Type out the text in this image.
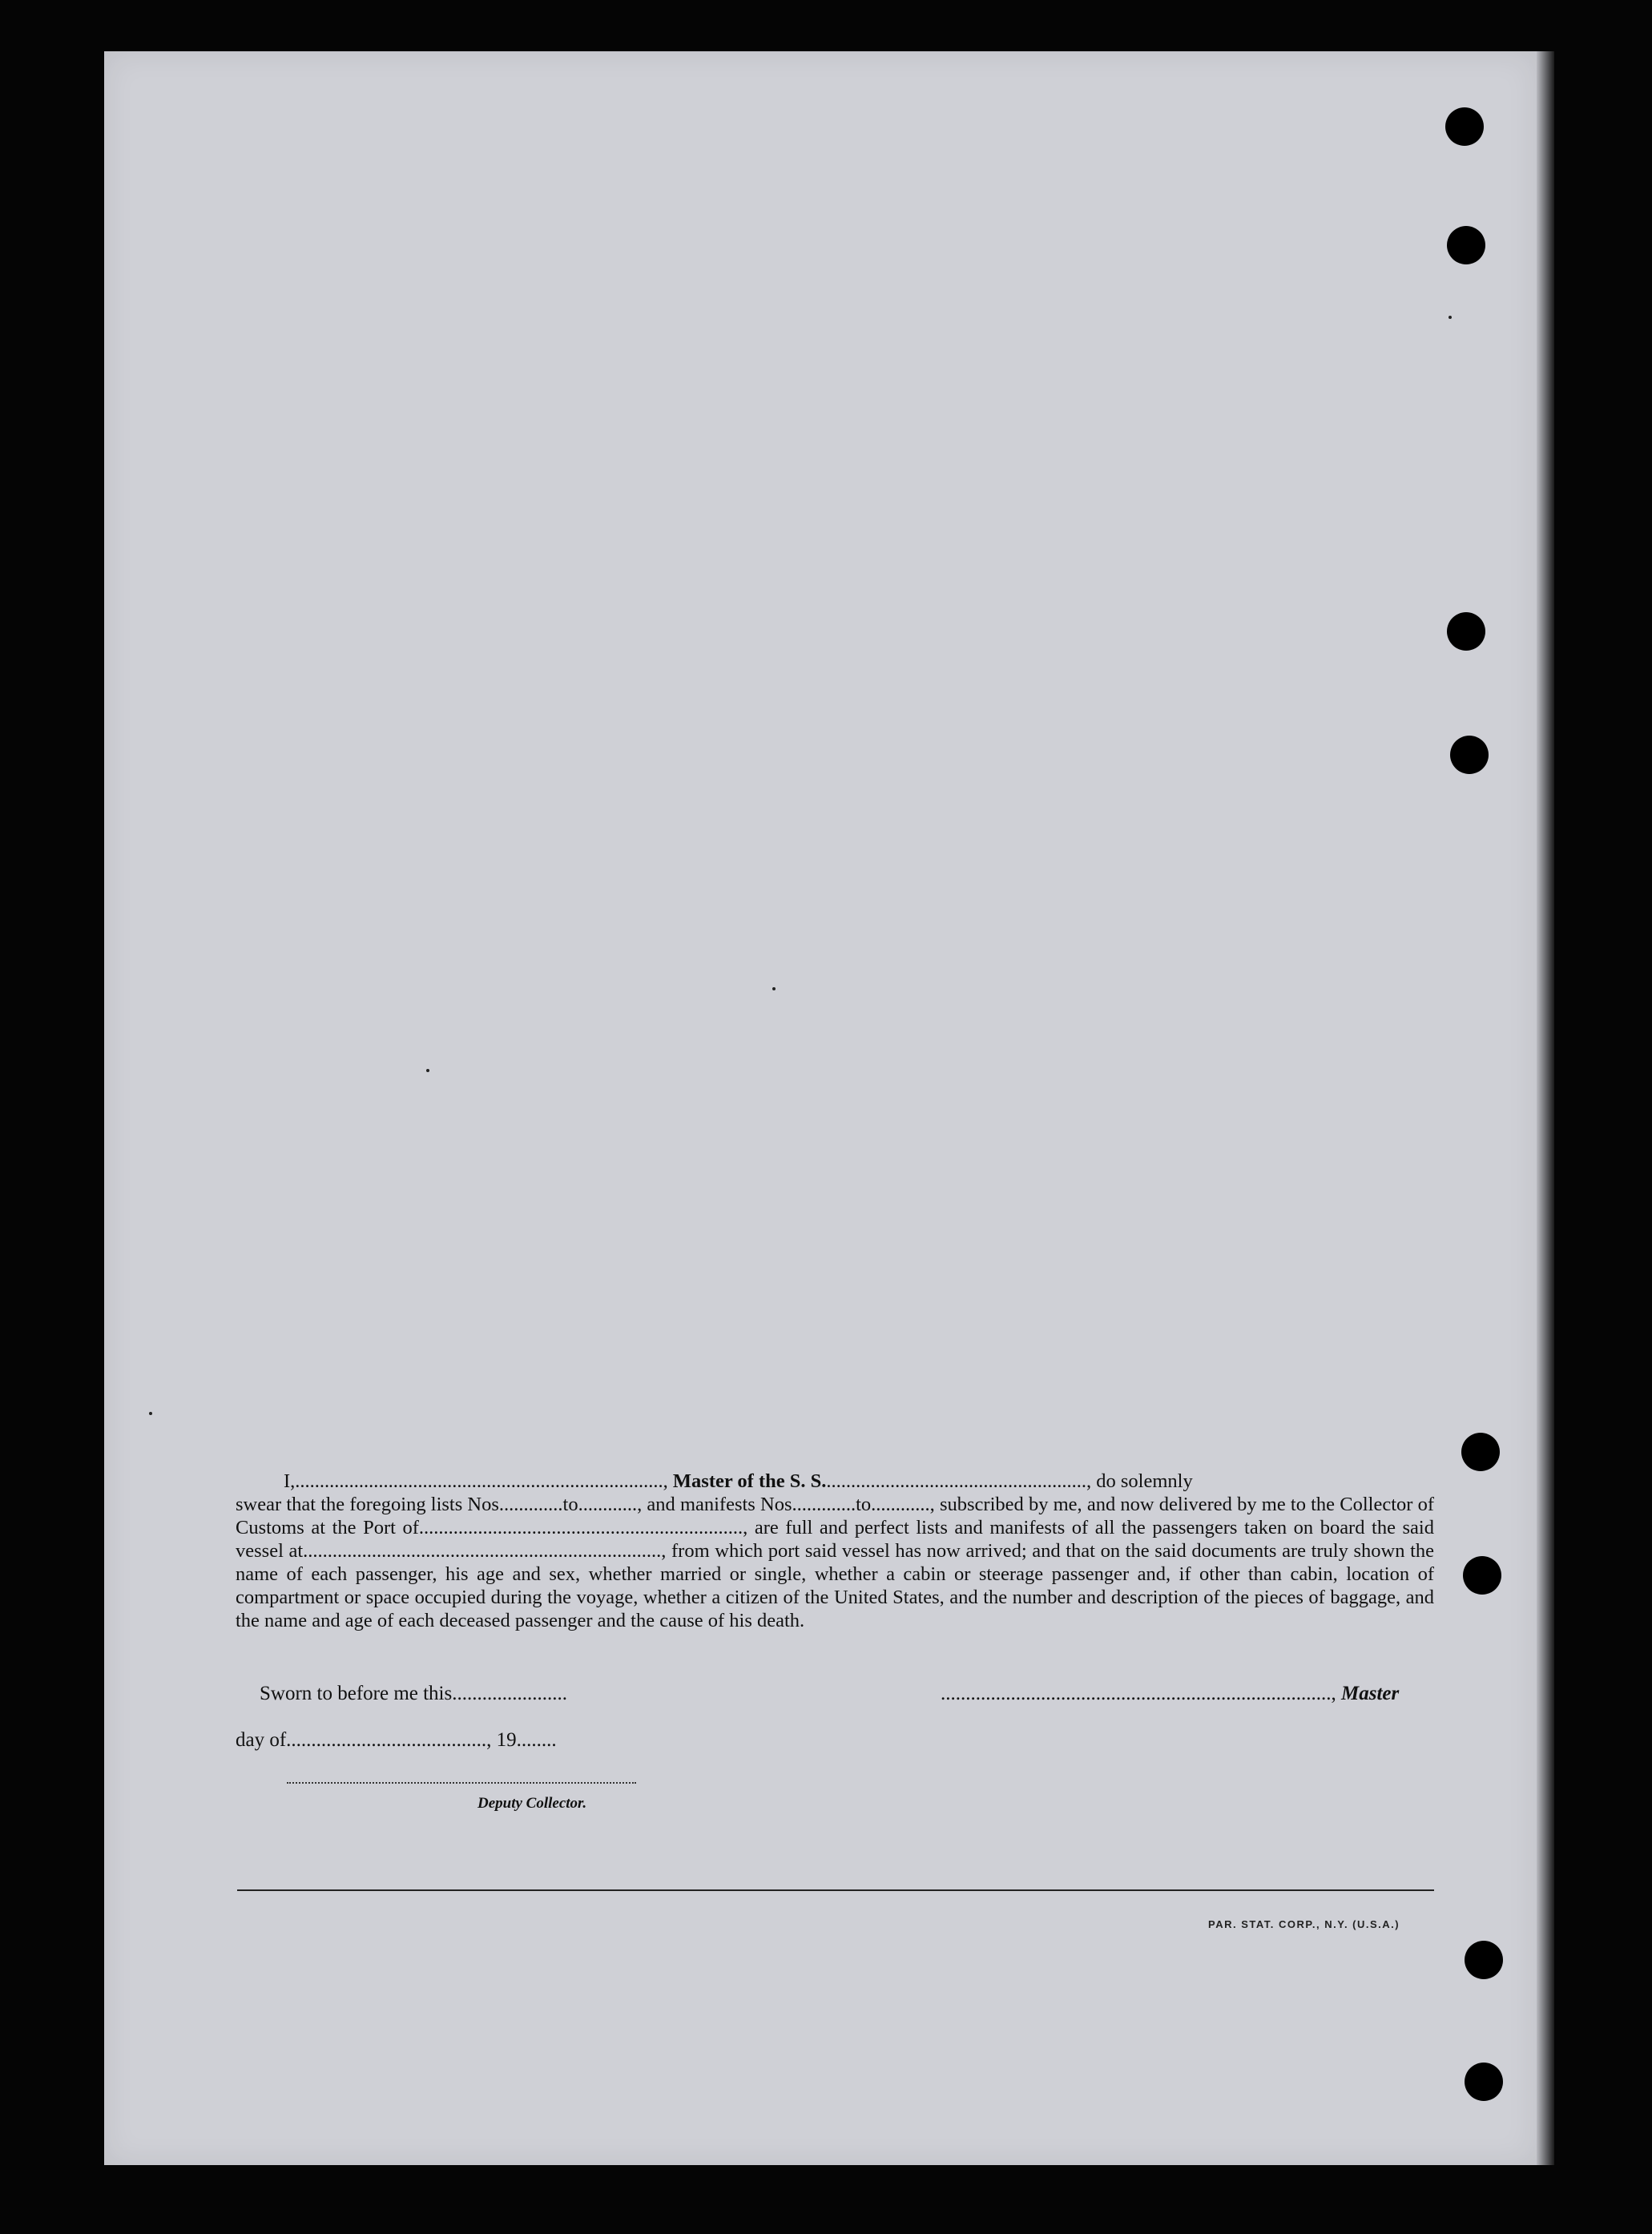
I,..........................................................................., Master of the S. S......................................................, do solemnly

swear that the foregoing lists Nos.............to............, and manifests Nos.............to............, subscribed by me, and now delivered by me to the Collector of Customs at the Port of.................................................................., are full and perfect lists and manifests of all the passengers taken on board the said vessel at........................................................................., from which port said vessel has now arrived; and that on the said documents are truly shown the name of each passenger, his age and sex, whether married or single, whether a cabin or steerage passenger and, if other than cabin, location of compartment or space occupied during the voyage, whether a citizen of the United States, and the number and description of the pieces of baggage, and the name and age of each deceased passenger and the cause of his death.

Sworn to before me this.......................	.............................................................................., Master
day of........................................, 19........
Deputy Collector.
PAR. STAT. CORP., N.Y. (U.S.A.)
